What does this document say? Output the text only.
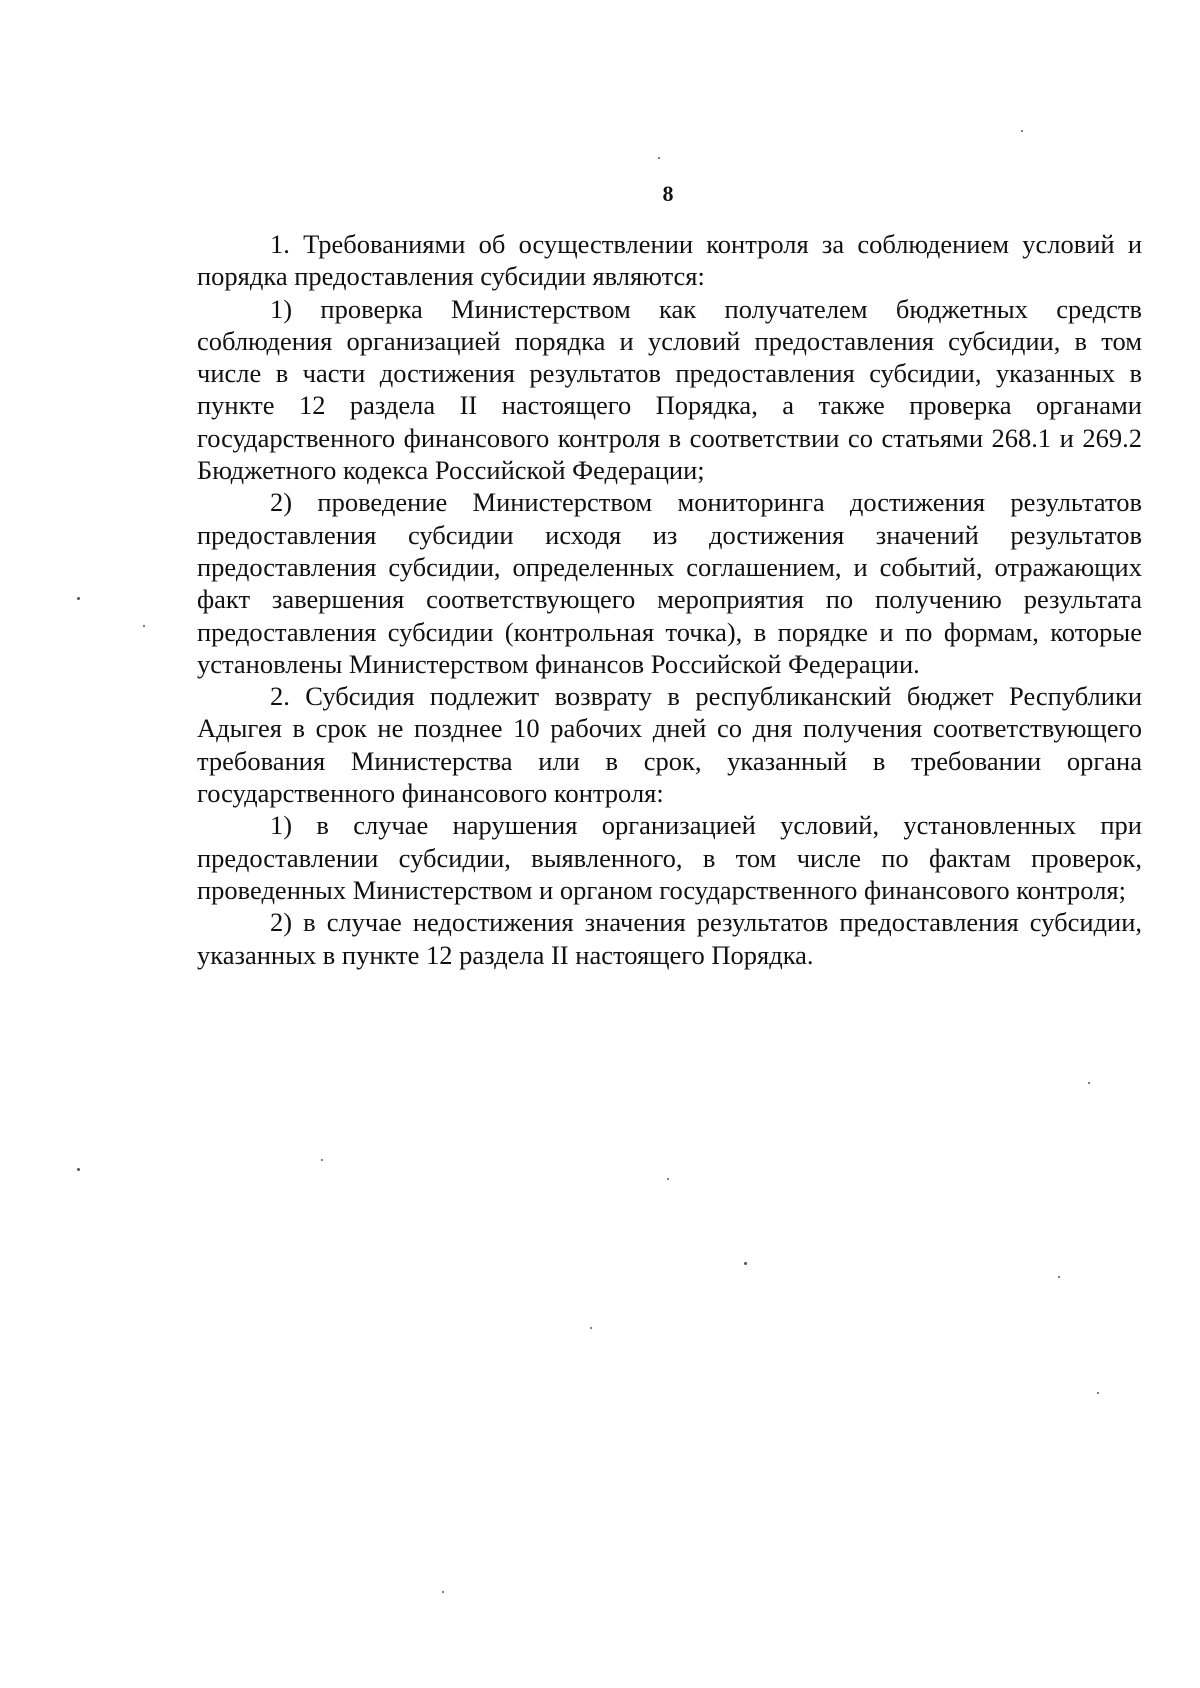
8

1. Требованиями об осуществлении контроля за соблюдением условий и порядка предоставления субсидии являются:

1) проверка Министерством как получателем бюджетных средств соблюдения организацией порядка и условий предоставления субсидии, в том числе в части достижения результатов предоставления субсидии, указанных в пункте 12 раздела II настоящего Порядка, а также проверка органами государственного финансового контроля в соответствии со статьями 268.1 и 269.2 Бюджетного кодекса Российской Федерации;

2) проведение Министерством мониторинга достижения результатов предоставления субсидии исходя из достижения значений результатов предоставления субсидии, определенных соглашением, и событий, отражающих факт завершения соответствующего мероприятия по получению результата предоставления субсидии (контрольная точка), в порядке и по формам, которые установлены Министерством финансов Российской Федерации.

2. Субсидия подлежит возврату в республиканский бюджет Республики Адыгея в срок не позднее 10 рабочих дней со дня получения соответствующего требования Министерства или в срок, указанный в требовании органа государственного финансового контроля:

1) в случае нарушения организацией условий, установленных при предоставлении субсидии, выявленного, в том числе по фактам проверок, проведенных Министерством и органом государственного финансового контроля;

2) в случае недостижения значения результатов предоставления субсидии, указанных в пункте 12 раздела II настоящего Порядка.
